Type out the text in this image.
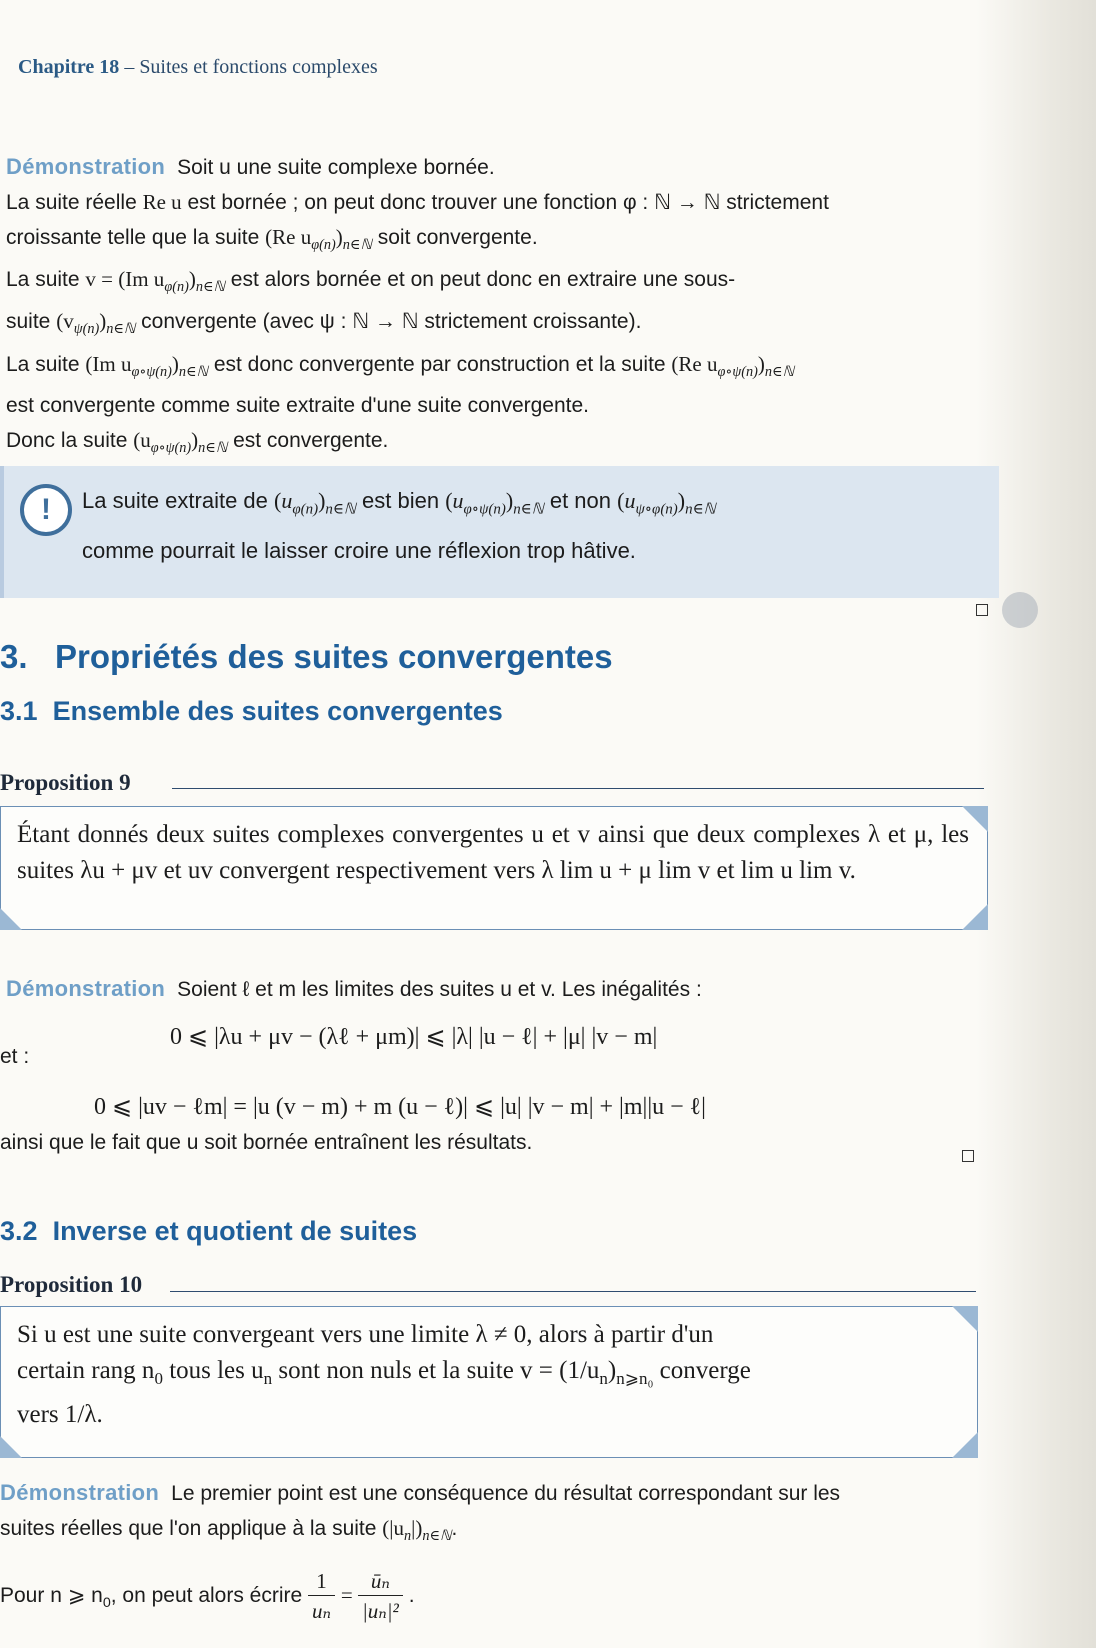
Chapitre 18 – Suites et fonctions complexes
Démonstration Soit u une suite complexe bornée.
La suite réelle Re u est bornée ; on peut donc trouver une fonction φ : ℕ → ℕ strictement
croissante telle que la suite (Re $u_{\varphi(n)})_{n\in ℕ}$ soit convergente.
La suite v = (Im $u_{\varphi(n)})_{n\in ℕ}$ est alors bornée et on peut donc en extraire une sous-
suite $(v_{\psi(n)})_{n\in ℕ}$ convergente (avec ψ : ℕ → ℕ strictement croissante).
La suite (Im $u_{\varphi\circ\psi(n)})_{n\in ℕ}$ est donc convergente par construction et la suite (Re $u_{\varphi\circ\psi(n)})_{n\in ℕ}$
est convergente comme suite extraite d'une suite convergente.
Donc la suite $(u_{\varphi\circ\psi(n)})_{n\in ℕ}$ est convergente.
!	La suite extraite de $(u_{\varphi(n)})_{n\in ℕ}$ est bien $(u_{\varphi\circ\psi(n)})_{n\in ℕ}$ et non $(u_{\psi\circ\varphi(n)})_{n\in ℕ}$
comme pourrait le laisser croire une réflexion trop hâtive.
3. Propriétés des suites convergentes
3.1 Ensemble des suites convergentes
Proposition 9
Étant donnés deux suites complexes convergentes u et v ainsi que deux complexes λ et μ, les suites λu + μv et uv convergent respectivement vers λ lim u + μ lim v et lim u lim v.
Démonstration Soient ℓ et m les limites des suites u et v. Les inégalités :
0 ⩽ |λu + μv − (λℓ + μm)| ⩽ |λ| |u − ℓ| + |μ| |v − m|
et :
0 ⩽ |uv − ℓm| = |u (v − m) + m (u − ℓ)| ⩽ |u| |v − m| + |m||u − ℓ|
ainsi que le fait que u soit bornée entraînent les résultats.
3.2 Inverse et quotient de suites
Proposition 10
Si u est une suite convergeant vers une limite λ ≠ 0, alors à partir d'un
certain rang $n_0$ tous les $u_n$ sont non nuls et la suite $v = (1/u_n)_{n⩾n_0}$ converge
vers 1/λ.
Démonstration Le premier point est une conséquence du résultat correspondant sur les
suites réelles que l'on applique à la suite $(|u_n|)_{n\in ℕ}$.
Pour n ⩾ $n_0$, on peut alors écrire $\frac{1}{\text{uₙ}} = \frac{\text{ūₙ}}{\text{|uₙ|²}}$ .
